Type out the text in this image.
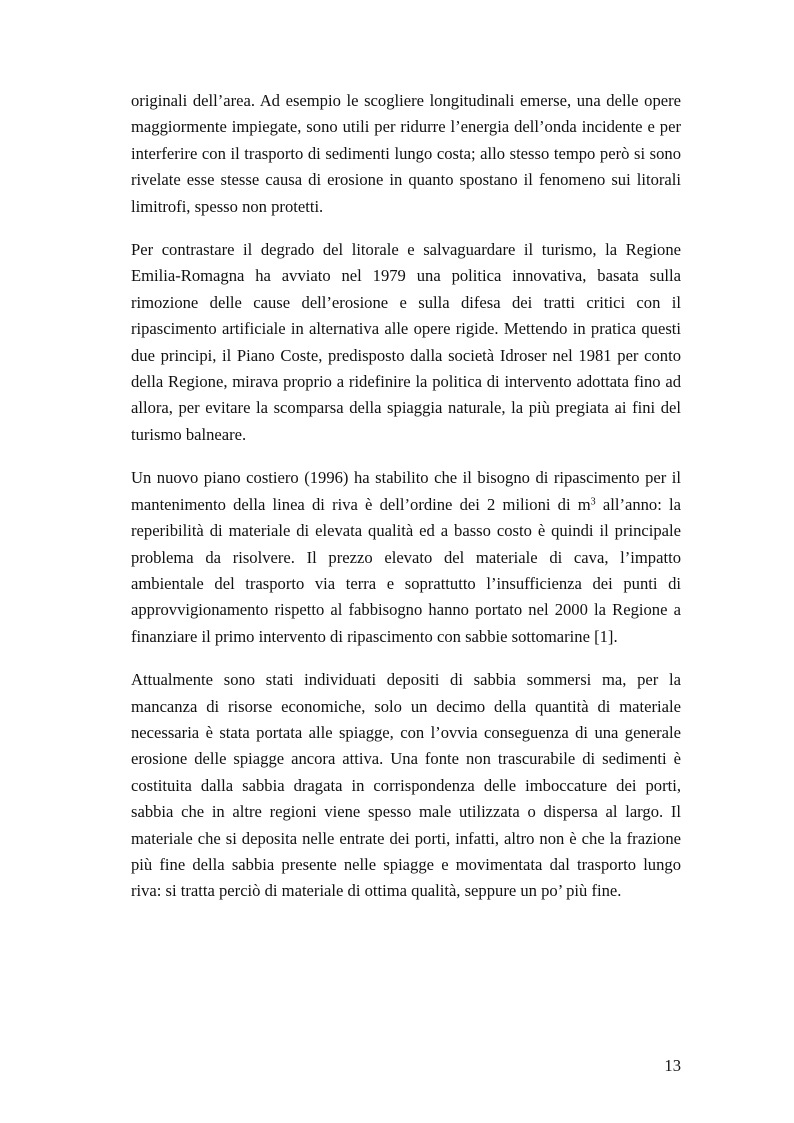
originali dell’area. Ad esempio le scogliere longitudinali emerse, una delle opere maggiormente impiegate, sono utili per ridurre l’energia dell’onda incidente e per interferire con il trasporto di sedimenti lungo costa; allo stesso tempo però si sono rivelate esse stesse causa di erosione in quanto spostano il fenomeno sui litorali limitrofi, spesso non protetti.

Per contrastare il degrado del litorale e salvaguardare il turismo, la Regione Emilia-Romagna ha avviato nel 1979 una politica innovativa, basata sulla rimozione delle cause dell’erosione e sulla difesa dei tratti critici con il ripascimento artificiale in alternativa alle opere rigide. Mettendo in pratica questi due principi, il Piano Coste, predisposto dalla società Idroser nel 1981 per conto della Regione, mirava proprio a ridefinire la politica di intervento adottata fino ad allora, per evitare la scomparsa della spiaggia naturale, la più pregiata ai fini del turismo balneare.

Un nuovo piano costiero (1996) ha stabilito che il bisogno di ripascimento per il mantenimento della linea di riva è dell’ordine dei 2 milioni di $m^3$ all’anno: la reperibilità di materiale di elevata qualità ed a basso costo è quindi il principale problema da risolvere. Il prezzo elevato del materiale di cava, l’impatto ambientale del trasporto via terra e soprattutto l’insufficienza dei punti di approvvigionamento rispetto al fabbisogno hanno portato nel 2000 la Regione a finanziare il primo intervento di ripascimento con sabbie sottomarine [1].

Attualmente sono stati individuati depositi di sabbia sommersi ma, per la mancanza di risorse economiche, solo un decimo della quantità di materiale necessaria è stata portata alle spiagge, con l’ovvia conseguenza di una generale erosione delle spiagge ancora attiva. Una fonte non trascurabile di sedimenti è costituita dalla sabbia dragata in corrispondenza delle imboccature dei porti, sabbia che in altre regioni viene spesso male utilizzata o dispersa al largo. Il materiale che si deposita nelle entrate dei porti, infatti, altro non è che la frazione più fine della sabbia presente nelle spiagge e movimentata dal trasporto lungo riva: si tratta perciò di materiale di ottima qualità, seppure un po’ più fine.

13
